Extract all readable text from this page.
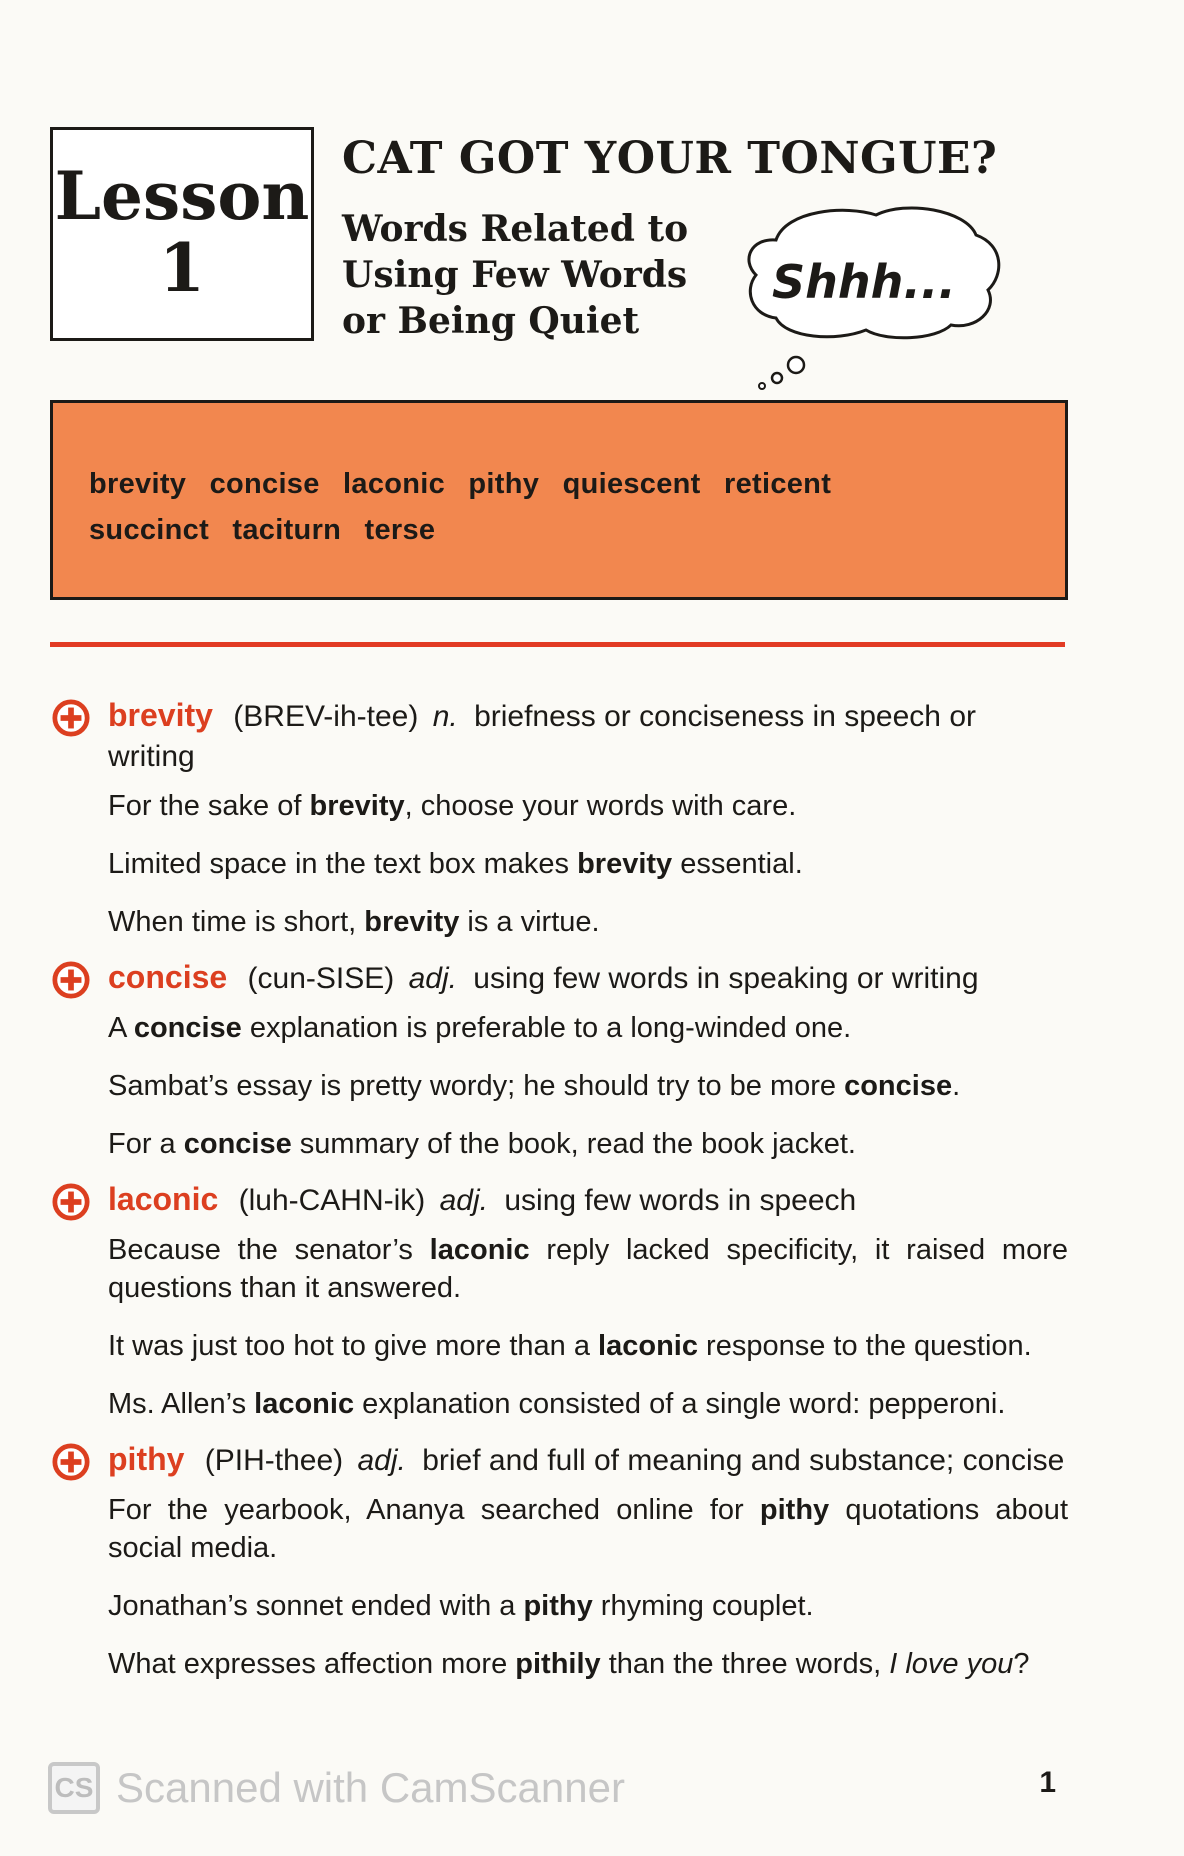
Lesson
1
CAT GOT YOUR TONGUE?
Words Related to
Using Few Words
or Being Quiet
Shhh...
brevity concise laconic pithy quiescent reticent
succinct taciturn terse
brevity (BREV-ih-tee) n. briefness or conciseness in speech or writing
For the sake of brevity, choose your words with care.
Limited space in the text box makes brevity essential.
When time is short, brevity is a virtue.
concise (cun-SISE) adj. using few words in speaking or writing
A concise explanation is preferable to a long-winded one.
Sambat’s essay is pretty wordy; he should try to be more concise.
For a concise summary of the book, read the book jacket.
laconic (luh-CAHN-ik) adj. using few words in speech
Because the senator’s laconic reply lacked specificity, it raised more questions than it answered.
It was just too hot to give more than a laconic response to the question.
Ms. Allen’s laconic explanation consisted of a single word: pepperoni.
pithy (PIH-thee) adj. brief and full of meaning and substance; concise
For the yearbook, Ananya searched online for pithy quotations about social media.
Jonathan’s sonnet ended with a pithy rhyming couplet.
What expresses affection more pithily than the three words, I love you?
CS Scanned with CamScanner	1
